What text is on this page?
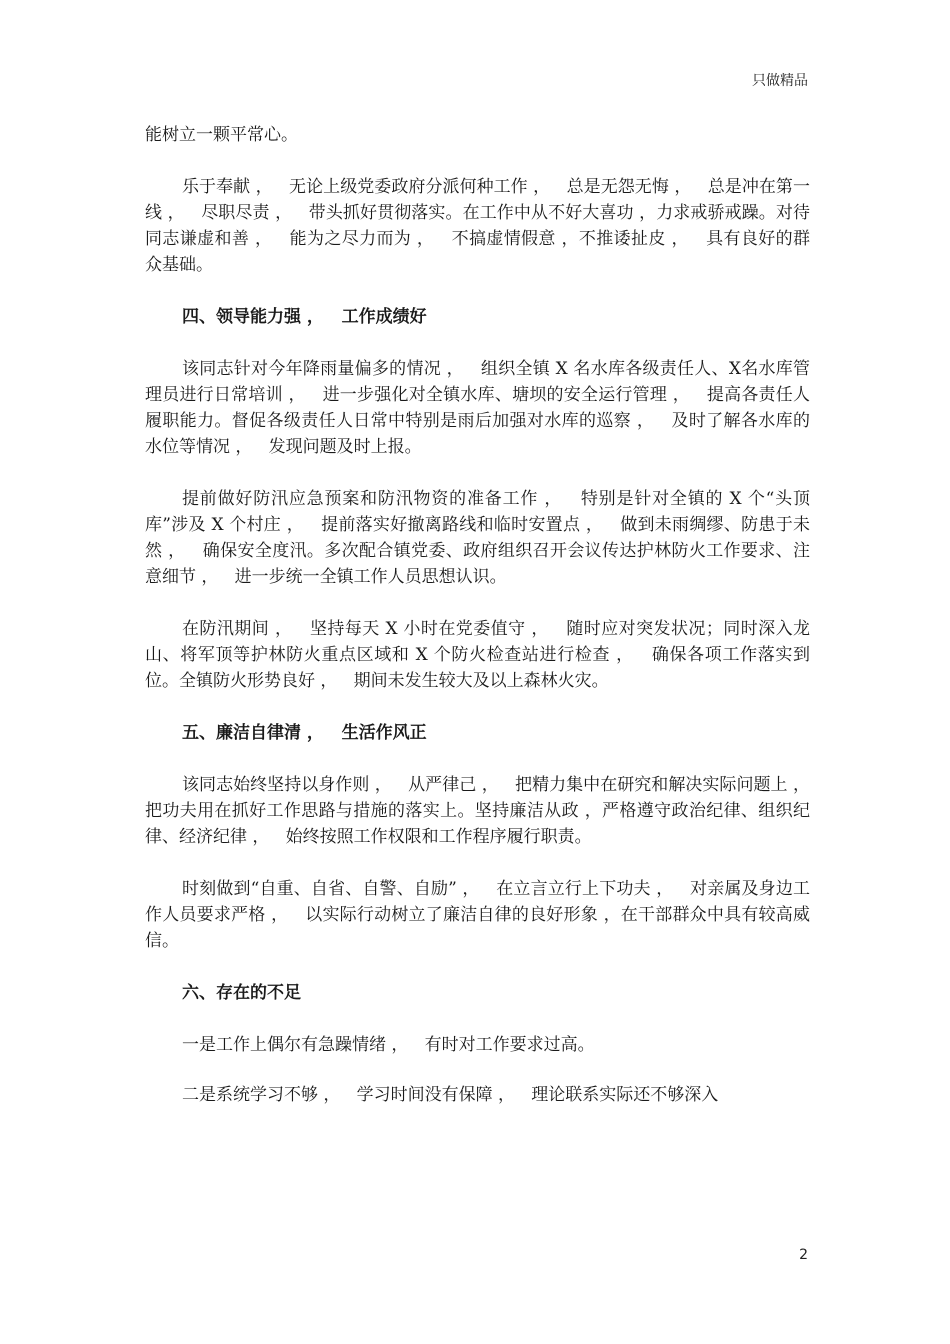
只做精品

能树立一颗平常心。

乐于奉献 ，   无论上级党委政府分派何种工作 ，   总是无怨无悔 ，   总是冲在第一线 ，   尽职尽责 ，   带头抓好贯彻落实。在工作中从不好大喜功 ，力求戒骄戒躁。对待同志谦虚和善 ，   能为之尽力而为 ，   不搞虚情假意 ，不推诿扯皮 ，   具有良好的群众基础。

四、领导能力强 ，   工作成绩好

该同志针对今年降雨量偏多的情况 ，   组织全镇 X 名水库各级责任人、X名水库管理员进行日常培训 ，   进一步强化对全镇水库、塘坝的安全运行管理 ，   提高各责任人履职能力。督促各级责任人日常中特别是雨后加强对水库的巡察 ，   及时了解各水库的水位等情况 ，   发现问题及时上报。

提前做好防汛应急预案和防汛物资的准备工作 ，   特别是针对全镇的 X 个“头顶库”涉及 X 个村庄 ，   提前落实好撤离路线和临时安置点 ，   做到未雨绸缪、防患于未然 ，   确保安全度汛。多次配合镇党委、政府组织召开会议传达护林防火工作要求、注意细节 ，   进一步统一全镇工作人员思想认识。

在防汛期间 ，   坚持每天 X 小时在党委值守 ，   随时应对突发状况；同时深入龙山、将军顶等护林防火重点区域和 X 个防火检查站进行检查 ，   确保各项工作落实到位。全镇防火形势良好 ，   期间未发生较大及以上森林火灾。

五、廉洁自律清 ，   生活作风正

该同志始终坚持以身作则 ，   从严律己 ，   把精力集中在研究和解决实际问题上 ，   把功夫用在抓好工作思路与措施的落实上。坚持廉洁从政 ，严格遵守政治纪律、组织纪律、经济纪律 ，   始终按照工作权限和工作程序履行职责。

时刻做到“自重、自省、自警、自励” ，   在立言立行上下功夫 ，   对亲属及身边工作人员要求严格 ，   以实际行动树立了廉洁自律的良好形象 ，在干部群众中具有较高威信。

六、存在的不足

一是工作上偶尔有急躁情绪 ，   有时对工作要求过高。

二是系统学习不够 ，   学习时间没有保障 ，   理论联系实际还不够深入

2
